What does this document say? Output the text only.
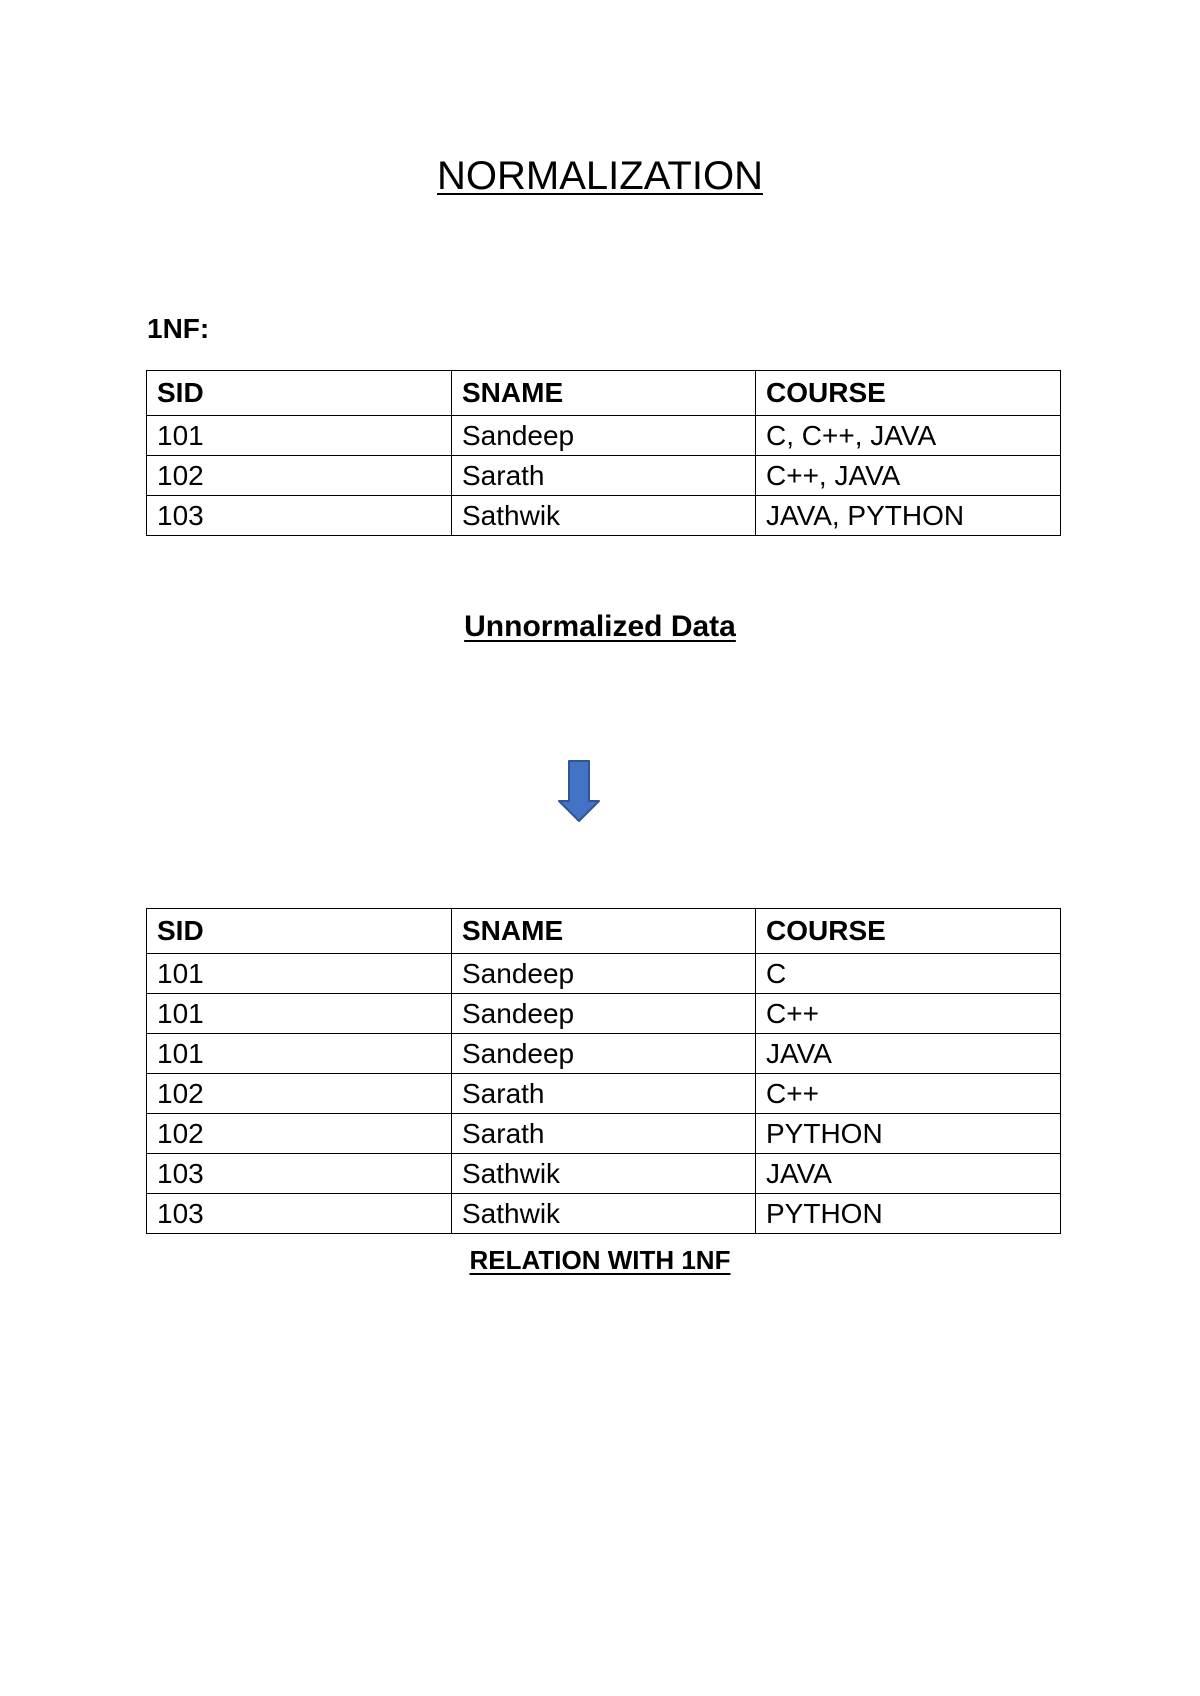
NORMALIZATION
1NF:
SID	SNAME	COURSE
101	Sandeep	C, C++, JAVA
102	Sarath	C++, JAVA
103	Sathwik	JAVA, PYTHON
Unnormalized Data
SID	SNAME	COURSE
101	Sandeep	C
101	Sandeep	C++
101	Sandeep	JAVA
102	Sarath	C++
102	Sarath	PYTHON
103	Sathwik	JAVA
103	Sathwik	PYTHON
RELATION WITH 1NF
